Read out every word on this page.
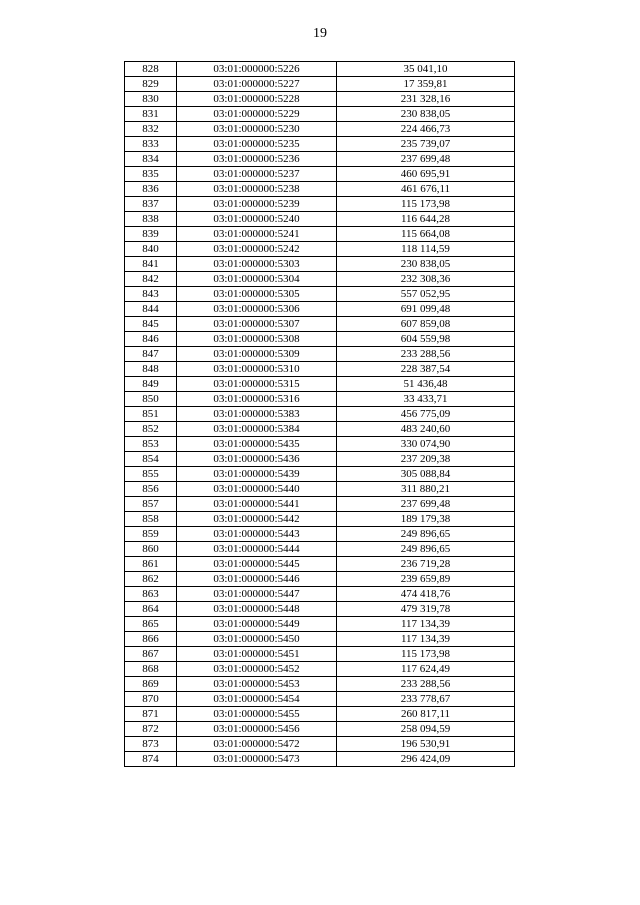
19
828	03:01:000000:5226	35 041,10
829	03:01:000000:5227	17 359,81
830	03:01:000000:5228	231 328,16
831	03:01:000000:5229	230 838,05
832	03:01:000000:5230	224 466,73
833	03:01:000000:5235	235 739,07
834	03:01:000000:5236	237 699,48
835	03:01:000000:5237	460 695,91
836	03:01:000000:5238	461 676,11
837	03:01:000000:5239	115 173,98
838	03:01:000000:5240	116 644,28
839	03:01:000000:5241	115 664,08
840	03:01:000000:5242	118 114,59
841	03:01:000000:5303	230 838,05
842	03:01:000000:5304	232 308,36
843	03:01:000000:5305	557 052,95
844	03:01:000000:5306	691 099,48
845	03:01:000000:5307	607 859,08
846	03:01:000000:5308	604 559,98
847	03:01:000000:5309	233 288,56
848	03:01:000000:5310	228 387,54
849	03:01:000000:5315	51 436,48
850	03:01:000000:5316	33 433,71
851	03:01:000000:5383	456 775,09
852	03:01:000000:5384	483 240,60
853	03:01:000000:5435	330 074,90
854	03:01:000000:5436	237 209,38
855	03:01:000000:5439	305 088,84
856	03:01:000000:5440	311 880,21
857	03:01:000000:5441	237 699,48
858	03:01:000000:5442	189 179,38
859	03:01:000000:5443	249 896,65
860	03:01:000000:5444	249 896,65
861	03:01:000000:5445	236 719,28
862	03:01:000000:5446	239 659,89
863	03:01:000000:5447	474 418,76
864	03:01:000000:5448	479 319,78
865	03:01:000000:5449	117 134,39
866	03:01:000000:5450	117 134,39
867	03:01:000000:5451	115 173,98
868	03:01:000000:5452	117 624,49
869	03:01:000000:5453	233 288,56
870	03:01:000000:5454	233 778,67
871	03:01:000000:5455	260 817,11
872	03:01:000000:5456	258 094,59
873	03:01:000000:5472	196 530,91
874	03:01:000000:5473	296 424,09
